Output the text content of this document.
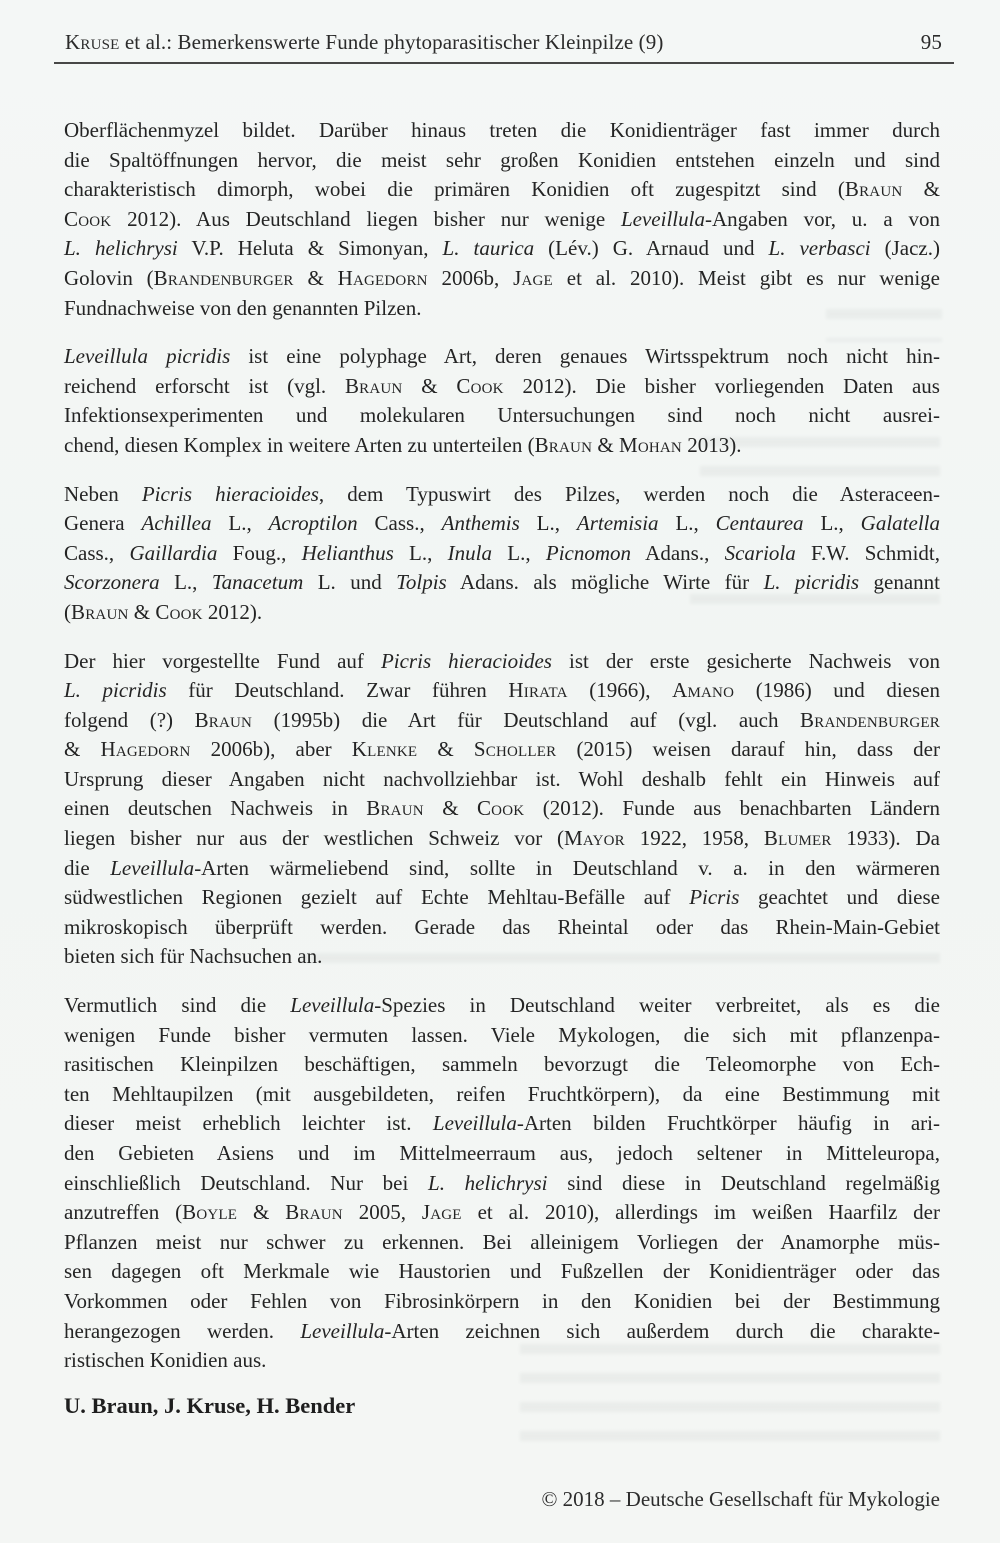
Kruse et al.: Bemerkenswerte Funde phytoparasitischer Kleinpilze (9)	95

Oberflächenmyzel bildet. Darüber hinaus treten die Konidienträger fast immer durch
die Spaltöffnungen hervor, die meist sehr großen Konidien entstehen einzeln und sind
charakteristisch dimorph, wobei die primären Konidien oft zugespitzt sind (Braun &
Cook 2012). Aus Deutschland liegen bisher nur wenige Leveillula-Angaben vor, u. a von
L. helichrysi V.P. Heluta & Simonyan, L. taurica (Lév.) G. Arnaud und L. verbasci (Jacz.)
Golovin (Brandenburger & Hagedorn 2006b, Jage et al. 2010). Meist gibt es nur wenige
Fundnachweise von den genannten Pilzen.

Leveillula picridis ist eine polyphage Art, deren genaues Wirtsspektrum noch nicht hin-
reichend erforscht ist (vgl. Braun & Cook 2012). Die bisher vorliegenden Daten aus
Infektionsexperimenten und molekularen Untersuchungen sind noch nicht ausrei-
chend, diesen Komplex in weitere Arten zu unterteilen (Braun & Mohan 2013).

Neben Picris hieracioides, dem Typuswirt des Pilzes, werden noch die Asteraceen-
Genera Achillea L., Acroptilon Cass., Anthemis L., Artemisia L., Centaurea L., Galatella
Cass., Gaillardia Foug., Helianthus L., Inula L., Picnomon Adans., Scariola F.W. Schmidt,
Scorzonera L., Tanacetum L. und Tolpis Adans. als mögliche Wirte für L. picridis genannt
(Braun & Cook 2012).

Der hier vorgestellte Fund auf Picris hieracioides ist der erste gesicherte Nachweis von
L. picridis für Deutschland. Zwar führen Hirata (1966), Amano (1986) und diesen
folgend (?) Braun (1995b) die Art für Deutschland auf (vgl. auch Brandenburger
& Hagedorn 2006b), aber Klenke & Scholler (2015) weisen darauf hin, dass der
Ursprung dieser Angaben nicht nachvollziehbar ist. Wohl deshalb fehlt ein Hinweis auf
einen deutschen Nachweis in Braun & Cook (2012). Funde aus benachbarten Ländern
liegen bisher nur aus der westlichen Schweiz vor (Mayor 1922, 1958, Blumer 1933). Da
die Leveillula-Arten wärmeliebend sind, sollte in Deutschland v. a. in den wärmeren
südwestlichen Regionen gezielt auf Echte Mehltau-Befälle auf Picris geachtet und diese
mikroskopisch überprüft werden. Gerade das Rheintal oder das Rhein-Main-Gebiet
bieten sich für Nachsuchen an.

Vermutlich sind die Leveillula-Spezies in Deutschland weiter verbreitet, als es die
wenigen Funde bisher vermuten lassen. Viele Mykologen, die sich mit pflanzenpa-
rasitischen Kleinpilzen beschäftigen, sammeln bevorzugt die Teleomorphe von Ech-
ten Mehltaupilzen (mit ausgebildeten, reifen Fruchtkörpern), da eine Bestimmung mit
dieser meist erheblich leichter ist. Leveillula-Arten bilden Fruchtkörper häufig in ari-
den Gebieten Asiens und im Mittelmeerraum aus, jedoch seltener in Mitteleuropa,
einschließlich Deutschland. Nur bei L. helichrysi sind diese in Deutschland regelmäßig
anzutreffen (Boyle & Braun 2005, Jage et al. 2010), allerdings im weißen Haarfilz der
Pflanzen meist nur schwer zu erkennen. Bei alleinigem Vorliegen der Anamorphe müs-
sen dagegen oft Merkmale wie Haustorien und Fußzellen der Konidienträger oder das
Vorkommen oder Fehlen von Fibrosinkörpern in den Konidien bei der Bestimmung
herangezogen werden. Leveillula-Arten zeichnen sich außerdem durch die charakte-
ristischen Konidien aus.

U. Braun, J. Kruse, H. Bender
© 2018 – Deutsche Gesellschaft für Mykologie
